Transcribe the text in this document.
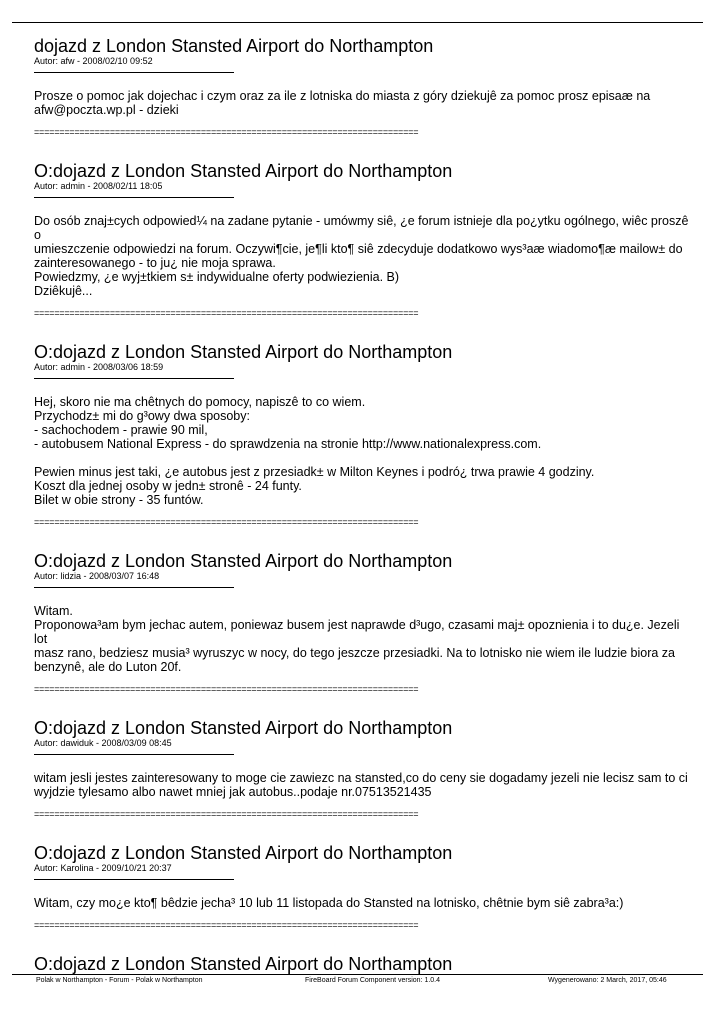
dojazd z London Stansted Airport do Northampton
Autor: afw - 2008/02/10 09:52

Prosze o pomoc jak dojechac i czym oraz za ile z lotniska do miasta z góry dziekujê za pomoc prosz episaæ na

afw@poczta.wp.pl - dzieki

============================================================================
O:dojazd z London Stansted Airport do Northampton
Autor: admin - 2008/02/11 18:05

Do osób znaj±cych odpowied¼ na zadane pytanie - umówmy siê, ¿e forum istnieje dla po¿ytku ogólnego, wiêc proszê o

umieszczenie odpowiedzi na forum. Oczywi¶cie, je¶li kto¶ siê zdecyduje dodatkowo wys³aæ wiadomo¶æ mailow± do

zainteresowanego - to ju¿ nie moja sprawa.

Powiedzmy, ¿e wyj±tkiem s± indywidualne oferty podwiezienia. B)

Dziêkujê...

============================================================================
O:dojazd z London Stansted Airport do Northampton
Autor: admin - 2008/03/06 18:59

Hej, skoro nie ma chêtnych do pomocy, napiszê to co wiem.

Przychodz± mi do g³owy dwa sposoby:

- sachochodem - prawie 90 mil,

- autobusem National Express - do sprawdzenia na stronie http://www.nationalexpress.com.

Pewien minus jest taki, ¿e autobus jest z przesiadk± w Milton Keynes i podró¿ trwa prawie 4 godziny.

Koszt dla jednej osoby w jedn± stronê - 24 funty.

Bilet w obie strony - 35 funtów.

============================================================================
O:dojazd z London Stansted Airport do Northampton
Autor: lidzia - 2008/03/07 16:48

Witam.

Proponowa³am bym jechac autem, poniewaz busem jest naprawde d³ugo, czasami maj± opoznienia i to du¿e. Jezeli lot

masz rano, bedziesz musia³ wyruszyc w nocy, do tego jeszcze przesiadki. Na to lotnisko nie wiem ile ludzie biora za

benzynê, ale do Luton 20f.

============================================================================
O:dojazd z London Stansted Airport do Northampton
Autor: dawiduk - 2008/03/09 08:45

witam jesli jestes zainteresowany to moge cie zawiezc na stansted,co do ceny sie dogadamy jezeli nie lecisz sam to ci

wyjdzie tylesamo albo nawet mniej jak autobus..podaje nr.07513521435

============================================================================
O:dojazd z London Stansted Airport do Northampton
Autor: Karolina - 2009/10/21 20:37

Witam, czy mo¿e kto¶ bêdzie jecha³ 10 lub 11 listopada do Stansted na lotnisko, chêtnie bym siê zabra³a:)

============================================================================
O:dojazd z London Stansted Airport do Northampton
Polak w Northampton - Forum - Polak w Northampton	FireBoard Forum Component version: 1.0.4	Wygenerowano: 2 March, 2017, 05:46
